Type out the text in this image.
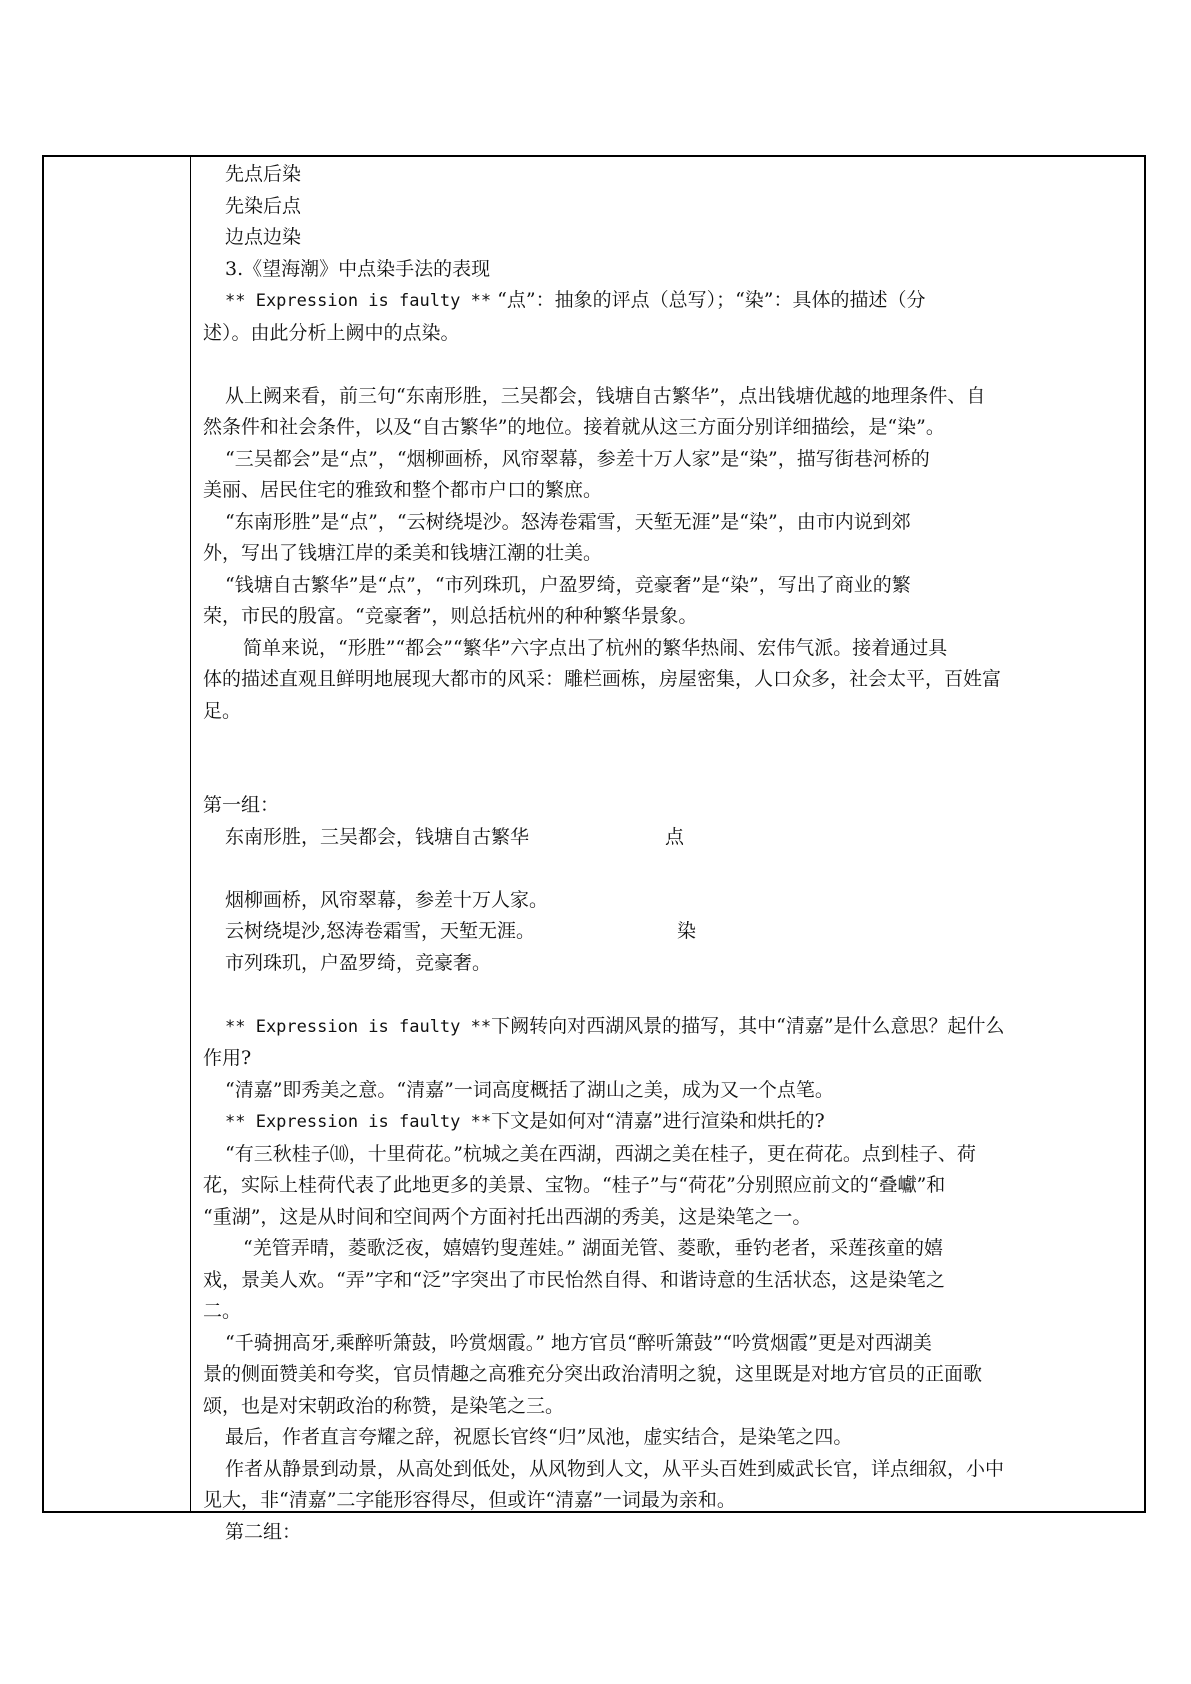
先点后染

先染后点

边点边染

3.《望海潮》中点染手法的表现

** Expression is faulty ** “点”：抽象的评点（总写）；“染”：具体的描述（分

述）。由此分析上阙中的点染。

从上阙来看，前三句“东南形胜，三吴都会，钱塘自古繁华”，点出钱塘优越的地理条件、自

然条件和社会条件，以及“自古繁华”的地位。接着就从这三方面分别详细描绘，是“染”。

“三吴都会”是“点”，“烟柳画桥，风帘翠幕，参差十万人家”是“染”，描写街巷河桥的

美丽、居民住宅的雅致和整个都市户口的繁庶。

“东南形胜”是“点”，“云树绕堤沙。怒涛卷霜雪，天堑无涯”是“染”，由市内说到郊

外，写出了钱塘江岸的柔美和钱塘江潮的壮美。

“钱塘自古繁华”是“点”，“市列珠玑，户盈罗绮，竞豪奢”是“染”，写出了商业的繁

荣，市民的殷富。“竞豪奢”，则总括杭州的种种繁华景象。

简单来说，“形胜”“都会”“繁华”六字点出了杭州的繁华热闹、宏伟气派。接着通过具

体的描述直观且鲜明地展现大都市的风采：雕栏画栋，房屋密集，人口众多，社会太平，百姓富

足。

第一组：

东南形胜，三吴都会，钱塘自古繁华	点

烟柳画桥，风帘翠幕，参差十万人家。

云树绕堤沙,怒涛卷霜雪，天堑无涯。	染

市列珠玑，户盈罗绮，竞豪奢。

** Expression is faulty **下阙转向对西湖风景的描写，其中“清嘉”是什么意思？起什么

作用?

“清嘉”即秀美之意。“清嘉”一词高度概括了湖山之美，成为又一个点笔。

** Expression is faulty **下文是如何对“清嘉”进行渲染和烘托的?

“有三秋桂子⑽，十里荷花。”杭城之美在西湖，西湖之美在桂子，更在荷花。点到桂子、荷

花，实际上桂荷代表了此地更多的美景、宝物。“桂子”与“荷花”分别照应前文的“叠巘”和

“重湖”，这是从时间和空间两个方面衬托出西湖的秀美，这是染笔之一。

“羌管弄晴，菱歌泛夜，嬉嬉钓叟莲娃。” 湖面羌管、菱歌，垂钓老者，采莲孩童的嬉

戏，景美人欢。“弄”字和“泛”字突出了市民怡然自得、和谐诗意的生活状态，这是染笔之

二。

“千骑拥高牙,乘醉听箫鼓，吟赏烟霞。” 地方官员“醉听箫鼓”“吟赏烟霞”更是对西湖美

景的侧面赞美和夸奖，官员情趣之高雅充分突出政治清明之貌，这里既是对地方官员的正面歌

颂，也是对宋朝政治的称赞，是染笔之三。

最后，作者直言夸耀之辞，祝愿长官终“归”凤池，虚实结合，是染笔之四。

作者从静景到动景，从高处到低处，从风物到人文，从平头百姓到威武长官，详点细叙，小中

见大，非“清嘉”二字能形容得尽，但或许“清嘉”一词最为亲和。

第二组：
